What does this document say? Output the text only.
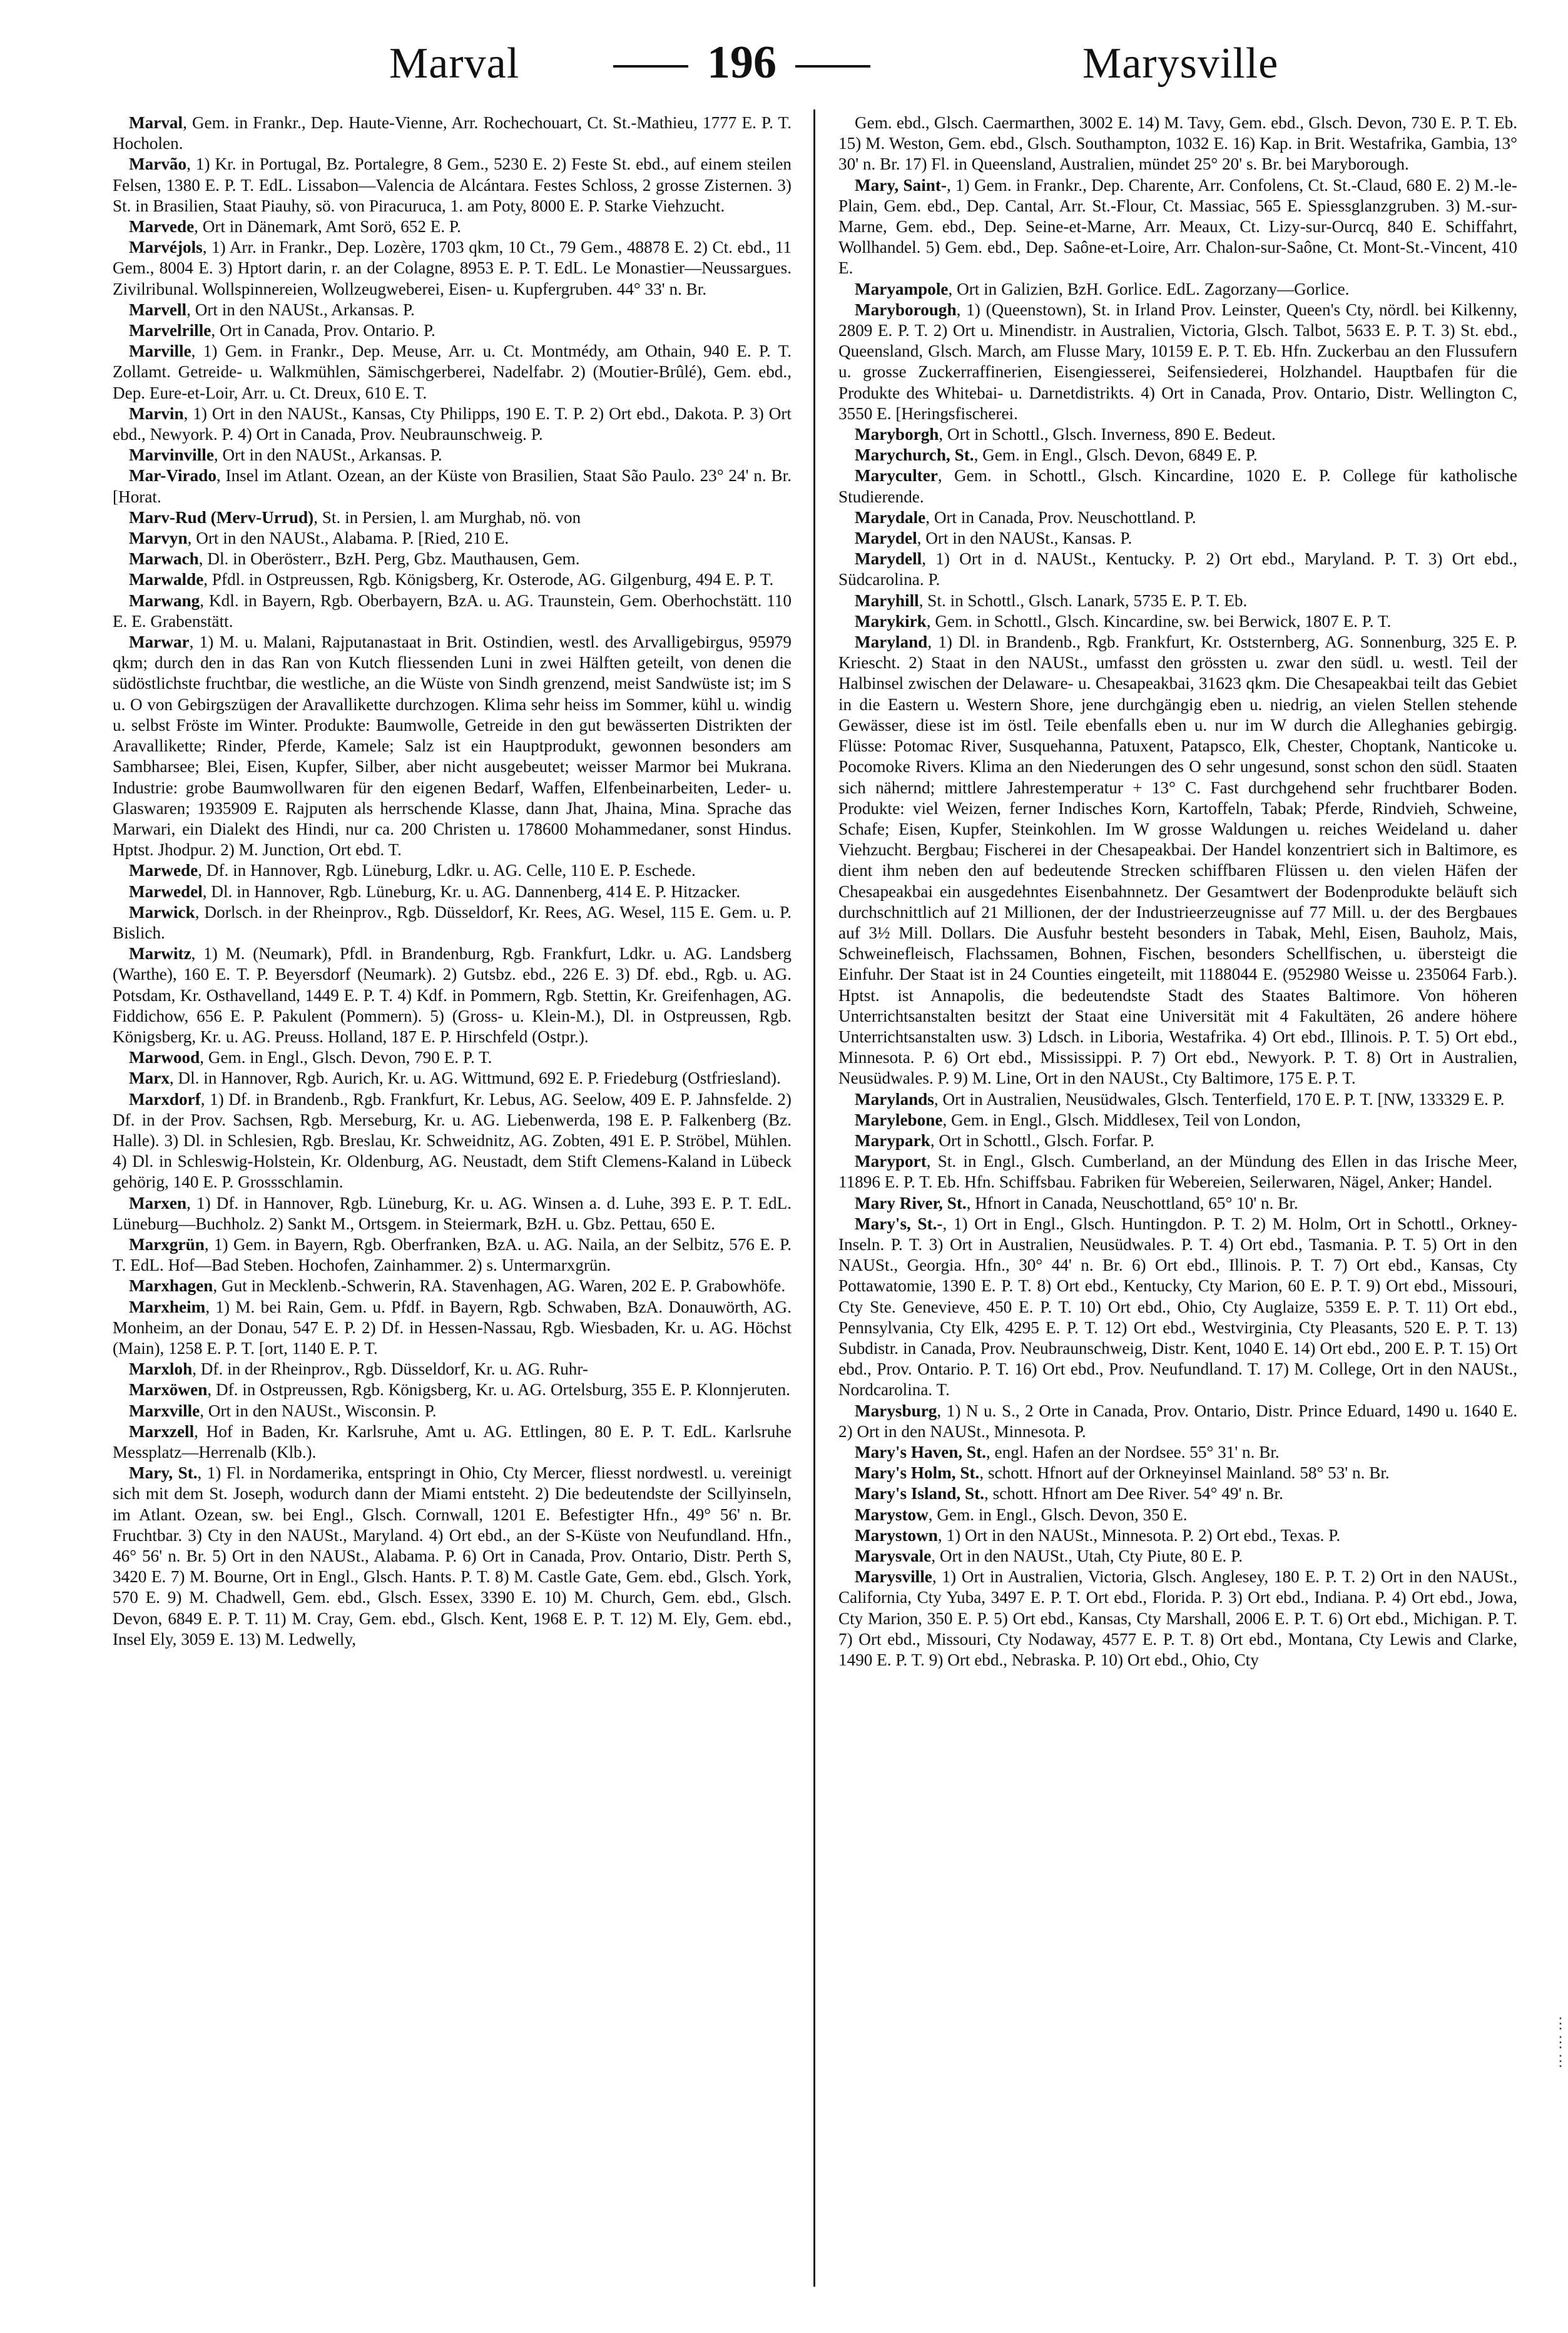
Marval	196	Marysville

Marval, Gem. in Frankr., Dep. Haute-Vienne, Arr. Rochechouart, Ct. St.-Mathieu, 1777 E. P. T. Hocholen.

Marvão, 1) Kr. in Portugal, Bz. Portalegre, 8 Gem., 5230 E. 2) Feste St. ebd., auf einem steilen Felsen, 1380 E. P. T. EdL. Lissabon—Valencia de Alcántara. Festes Schloss, 2 grosse Zisternen. 3) St. in Brasilien, Staat Piauhy, sö. von Piracuruca, 1. am Poty, 8000 E. P. Starke Viehzucht.

Marvede, Ort in Dänemark, Amt Sorö, 652 E. P.

Marvéjols, 1) Arr. in Frankr., Dep. Lozère, 1703 qkm, 10 Ct., 79 Gem., 48878 E. 2) Ct. ebd., 11 Gem., 8004 E. 3) Hptort darin, r. an der Colagne, 8953 E. P. T. EdL. Le Monastier—Neussargues. Zivilribunal. Wollspinnereien, Wollzeugweberei, Eisen- u. Kupfergruben. 44° 33' n. Br.

Marvell, Ort in den NAUSt., Arkansas. P.

Marvelrille, Ort in Canada, Prov. Ontario. P.

Marville, 1) Gem. in Frankr., Dep. Meuse, Arr. u. Ct. Montmédy, am Othain, 940 E. P. T. Zollamt. Getreide- u. Walkmühlen, Sämischgerberei, Nadelfabr. 2) (Moutier-Brûlé), Gem. ebd., Dep. Eure-et-Loir, Arr. u. Ct. Dreux, 610 E. T.

Marvin, 1) Ort in den NAUSt., Kansas, Cty Philipps, 190 E. T. P. 2) Ort ebd., Dakota. P. 3) Ort ebd., Newyork. P. 4) Ort in Canada, Prov. Neubraunschweig. P.

Marvinville, Ort in den NAUSt., Arkansas. P.

Mar-Virado, Insel im Atlant. Ozean, an der Küste von Brasilien, Staat São Paulo. 23° 24' n. Br. [Horat.

Marv-Rud (Merv-Urrud), St. in Persien, l. am Murghab, nö. von

Marvyn, Ort in den NAUSt., Alabama. P. [Ried, 210 E.

Marwach, Dl. in Oberösterr., BzH. Perg, Gbz. Mauthausen, Gem.

Marwalde, Pfdl. in Ostpreussen, Rgb. Königsberg, Kr. Osterode, AG. Gilgenburg, 494 E. P. T.

Marwang, Kdl. in Bayern, Rgb. Oberbayern, BzA. u. AG. Traunstein, Gem. Oberhochstätt. 110 E. E. Grabenstätt.

Marwar, 1) M. u. Malani, Rajputanastaat in Brit. Ostindien, westl. des Arvalligebirgus, 95979 qkm; durch den in das Ran von Kutch fliessenden Luni in zwei Hälften geteilt, von denen die südöstlichste fruchtbar, die westliche, an die Wüste von Sindh grenzend, meist Sandwüste ist; im S u. O von Gebirgszügen der Aravallikette durchzogen. Klima sehr heiss im Sommer, kühl u. windig u. selbst Fröste im Winter. Produkte: Baumwolle, Getreide in den gut bewässerten Distrikten der Aravallikette; Rinder, Pferde, Kamele; Salz ist ein Hauptprodukt, gewonnen besonders am Sambharsee; Blei, Eisen, Kupfer, Silber, aber nicht ausgebeutet; weisser Marmor bei Mukrana. Industrie: grobe Baumwollwaren für den eigenen Bedarf, Waffen, Elfenbeinarbeiten, Leder- u. Glaswaren; 1935909 E. Rajputen als herrschende Klasse, dann Jhat, Jhaina, Mina. Sprache das Marwari, ein Dialekt des Hindi, nur ca. 200 Christen u. 178600 Mohammedaner, sonst Hindus. Hptst. Jhodpur. 2) M. Junction, Ort ebd. T.

Marwede, Df. in Hannover, Rgb. Lüneburg, Ldkr. u. AG. Celle, 110 E. P. Eschede.

Marwedel, Dl. in Hannover, Rgb. Lüneburg, Kr. u. AG. Dannenberg, 414 E. P. Hitzacker.

Marwick, Dorlsch. in der Rheinprov., Rgb. Düsseldorf, Kr. Rees, AG. Wesel, 115 E. Gem. u. P. Bislich.

Marwitz, 1) M. (Neumark), Pfdl. in Brandenburg, Rgb. Frankfurt, Ldkr. u. AG. Landsberg (Warthe), 160 E. T. P. Beyersdorf (Neumark). 2) Gutsbz. ebd., 226 E. 3) Df. ebd., Rgb. u. AG. Potsdam, Kr. Osthavelland, 1449 E. P. T. 4) Kdf. in Pommern, Rgb. Stettin, Kr. Greifenhagen, AG. Fiddichow, 656 E. P. Pakulent (Pommern). 5) (Gross- u. Klein-M.), Dl. in Ostpreussen, Rgb. Königsberg, Kr. u. AG. Preuss. Holland, 187 E. P. Hirschfeld (Ostpr.).

Marwood, Gem. in Engl., Glsch. Devon, 790 E. P. T.

Marx, Dl. in Hannover, Rgb. Aurich, Kr. u. AG. Wittmund, 692 E. P. Friedeburg (Ostfriesland).

Marxdorf, 1) Df. in Brandenb., Rgb. Frankfurt, Kr. Lebus, AG. Seelow, 409 E. P. Jahnsfelde. 2) Df. in der Prov. Sachsen, Rgb. Merseburg, Kr. u. AG. Liebenwerda, 198 E. P. Falkenberg (Bz. Halle). 3) Dl. in Schlesien, Rgb. Breslau, Kr. Schweidnitz, AG. Zobten, 491 E. P. Ströbel, Mühlen. 4) Dl. in Schleswig-Holstein, Kr. Oldenburg, AG. Neustadt, dem Stift Clemens-Kaland in Lübeck gehörig, 140 E. P. Grossschlamin.

Marxen, 1) Df. in Hannover, Rgb. Lüneburg, Kr. u. AG. Winsen a. d. Luhe, 393 E. P. T. EdL. Lüneburg—Buchholz. 2) Sankt M., Ortsgem. in Steiermark, BzH. u. Gbz. Pettau, 650 E.

Marxgrün, 1) Gem. in Bayern, Rgb. Oberfranken, BzA. u. AG. Naila, an der Selbitz, 576 E. P. T. EdL. Hof—Bad Steben. Hochofen, Zainhammer. 2) s. Untermarxgrün.

Marxhagen, Gut in Mecklenb.-Schwerin, RA. Stavenhagen, AG. Waren, 202 E. P. Grabowhöfe.

Marxheim, 1) M. bei Rain, Gem. u. Pfdf. in Bayern, Rgb. Schwaben, BzA. Donauwörth, AG. Monheim, an der Donau, 547 E. P. 2) Df. in Hessen-Nassau, Rgb. Wiesbaden, Kr. u. AG. Höchst (Main), 1258 E. P. T. [ort, 1140 E. P. T.

Marxloh, Df. in der Rheinprov., Rgb. Düsseldorf, Kr. u. AG. Ruhr-

Marxöwen, Df. in Ostpreussen, Rgb. Königsberg, Kr. u. AG. Ortelsburg, 355 E. P. Klonnjeruten.

Marxville, Ort in den NAUSt., Wisconsin. P.

Marxzell, Hof in Baden, Kr. Karlsruhe, Amt u. AG. Ettlingen, 80 E. P. T. EdL. Karlsruhe Messplatz—Herrenalb (Klb.).

Mary, St., 1) Fl. in Nordamerika, entspringt in Ohio, Cty Mercer, fliesst nordwestl. u. vereinigt sich mit dem St. Joseph, wodurch dann der Miami entsteht. 2) Die bedeutendste der Scillyinseln, im Atlant. Ozean, sw. bei Engl., Glsch. Cornwall, 1201 E. Befestigter Hfn., 49° 56' n. Br. Fruchtbar. 3) Cty in den NAUSt., Maryland. 4) Ort ebd., an der S-Küste von Neufundland. Hfn., 46° 56' n. Br. 5) Ort in den NAUSt., Alabama. P. 6) Ort in Canada, Prov. Ontario, Distr. Perth S, 3420 E. 7) M. Bourne, Ort in Engl., Glsch. Hants. P. T. 8) M. Castle Gate, Gem. ebd., Glsch. York, 570 E. 9) M. Chadwell, Gem. ebd., Glsch. Essex, 3390 E. 10) M. Church, Gem. ebd., Glsch. Devon, 6849 E. P. T. 11) M. Cray, Gem. ebd., Glsch. Kent, 1968 E. P. T. 12) M. Ely, Gem. ebd., Insel Ely, 3059 E. 13) M. Ledwelly,

Gem. ebd., Glsch. Caermarthen, 3002 E. 14) M. Tavy, Gem. ebd., Glsch. Devon, 730 E. P. T. Eb. 15) M. Weston, Gem. ebd., Glsch. Southampton, 1032 E. 16) Kap. in Brit. Westafrika, Gambia, 13° 30' n. Br. 17) Fl. in Queensland, Australien, mündet 25° 20' s. Br. bei Maryborough.

Mary, Saint-, 1) Gem. in Frankr., Dep. Charente, Arr. Confolens, Ct. St.-Claud, 680 E. 2) M.-le-Plain, Gem. ebd., Dep. Cantal, Arr. St.-Flour, Ct. Massiac, 565 E. Spiessglanzgruben. 3) M.-sur-Marne, Gem. ebd., Dep. Seine-et-Marne, Arr. Meaux, Ct. Lizy-sur-Ourcq, 840 E. Schiffahrt, Wollhandel. 5) Gem. ebd., Dep. Saône-et-Loire, Arr. Chalon-sur-Saône, Ct. Mont-St.-Vincent, 410 E.

Maryampole, Ort in Galizien, BzH. Gorlice. EdL. Zagorzany—Gorlice.

Maryborough, 1) (Queenstown), St. in Irland Prov. Leinster, Queen's Cty, nördl. bei Kilkenny, 2809 E. P. T. 2) Ort u. Minendistr. in Australien, Victoria, Glsch. Talbot, 5633 E. P. T. 3) St. ebd., Queensland, Glsch. March, am Flusse Mary, 10159 E. P. T. Eb. Hfn. Zuckerbau an den Flussufern u. grosse Zuckerraffinerien, Eisengiesserei, Seifensiederei, Holzhandel. Hauptbafen für die Produkte des Whitebai- u. Darnetdistrikts. 4) Ort in Canada, Prov. Ontario, Distr. Wellington C, 3550 E. [Heringsfischerei.

Maryborgh, Ort in Schottl., Glsch. Inverness, 890 E. Bedeut.

Marychurch, St., Gem. in Engl., Glsch. Devon, 6849 E. P.

Maryculter, Gem. in Schottl., Glsch. Kincardine, 1020 E. P. College für katholische Studierende.

Marydale, Ort in Canada, Prov. Neuschottland. P.

Marydel, Ort in den NAUSt., Kansas. P.

Marydell, 1) Ort in d. NAUSt., Kentucky. P. 2) Ort ebd., Maryland. P. T. 3) Ort ebd., Südcarolina. P.

Maryhill, St. in Schottl., Glsch. Lanark, 5735 E. P. T. Eb.

Marykirk, Gem. in Schottl., Glsch. Kincardine, sw. bei Berwick, 1807 E. P. T.

Maryland, 1) Dl. in Brandenb., Rgb. Frankfurt, Kr. Oststernberg, AG. Sonnenburg, 325 E. P. Kriescht. 2) Staat in den NAUSt., umfasst den grössten u. zwar den südl. u. westl. Teil der Halbinsel zwischen der Delaware- u. Chesapeakbai, 31623 qkm. Die Chesapeakbai teilt das Gebiet in die Eastern u. Western Shore, jene durchgängig eben u. niedrig, an vielen Stellen stehende Gewässer, diese ist im östl. Teile ebenfalls eben u. nur im W durch die Alleghanies gebirgig. Flüsse: Potomac River, Susquehanna, Patuxent, Patapsco, Elk, Chester, Choptank, Nanticoke u. Pocomoke Rivers. Klima an den Niederungen des O sehr ungesund, sonst schon den südl. Staaten sich nähernd; mittlere Jahrestemperatur + 13° C. Fast durchgehend sehr fruchtbarer Boden. Produkte: viel Weizen, ferner Indisches Korn, Kartoffeln, Tabak; Pferde, Rindvieh, Schweine, Schafe; Eisen, Kupfer, Steinkohlen. Im W grosse Waldungen u. reiches Weideland u. daher Viehzucht. Bergbau; Fischerei in der Chesapeakbai. Der Handel konzentriert sich in Baltimore, es dient ihm neben den auf bedeutende Strecken schiffbaren Flüssen u. den vielen Häfen der Chesapeakbai ein ausgedehntes Eisenbahnnetz. Der Gesamtwert der Bodenprodukte beläuft sich durchschnittlich auf 21 Millionen, der der Industrieerzeugnisse auf 77 Mill. u. der des Bergbaues auf 3½ Mill. Dollars. Die Ausfuhr besteht besonders in Tabak, Mehl, Eisen, Bauholz, Mais, Schweinefleisch, Flachssamen, Bohnen, Fischen, besonders Schellfischen, u. übersteigt die Einfuhr. Der Staat ist in 24 Counties eingeteilt, mit 1188044 E. (952980 Weisse u. 235064 Farb.). Hptst. ist Annapolis, die bedeutendste Stadt des Staates Baltimore. Von höheren Unterrichtsanstalten besitzt der Staat eine Universität mit 4 Fakultäten, 26 andere höhere Unterrichtsanstalten usw. 3) Ldsch. in Liboria, Westafrika. 4) Ort ebd., Illinois. P. T. 5) Ort ebd., Minnesota. P. 6) Ort ebd., Mississippi. P. 7) Ort ebd., Newyork. P. T. 8) Ort in Australien, Neusüdwales. P. 9) M. Line, Ort in den NAUSt., Cty Baltimore, 175 E. P. T.

Marylands, Ort in Australien, Neusüdwales, Glsch. Tenterfield, 170 E. P. T. [NW, 133329 E. P.

Marylebone, Gem. in Engl., Glsch. Middlesex, Teil von London,

Marypark, Ort in Schottl., Glsch. Forfar. P.

Maryport, St. in Engl., Glsch. Cumberland, an der Mündung des Ellen in das Irische Meer, 11896 E. P. T. Eb. Hfn. Schiffsbau. Fabriken für Webereien, Seilerwaren, Nägel, Anker; Handel.

Mary River, St., Hfnort in Canada, Neuschottland, 65° 10' n. Br.

Mary's, St.-, 1) Ort in Engl., Glsch. Huntingdon. P. T. 2) M. Holm, Ort in Schottl., Orkney-Inseln. P. T. 3) Ort in Australien, Neusüdwales. P. T. 4) Ort ebd., Tasmania. P. T. 5) Ort in den NAUSt., Georgia. Hfn., 30° 44' n. Br. 6) Ort ebd., Illinois. P. T. 7) Ort ebd., Kansas, Cty Pottawatomie, 1390 E. P. T. 8) Ort ebd., Kentucky, Cty Marion, 60 E. P. T. 9) Ort ebd., Missouri, Cty Ste. Genevieve, 450 E. P. T. 10) Ort ebd., Ohio, Cty Auglaize, 5359 E. P. T. 11) Ort ebd., Pennsylvania, Cty Elk, 4295 E. P. T. 12) Ort ebd., Westvirginia, Cty Pleasants, 520 E. P. T. 13) Subdistr. in Canada, Prov. Neubraunschweig, Distr. Kent, 1040 E. 14) Ort ebd., 200 E. P. T. 15) Ort ebd., Prov. Ontario. P. T. 16) Ort ebd., Prov. Neufundland. T. 17) M. College, Ort in den NAUSt., Nordcarolina. T.

Marysburg, 1) N u. S., 2 Orte in Canada, Prov. Ontario, Distr. Prince Eduard, 1490 u. 1640 E. 2) Ort in den NAUSt., Minnesota. P.

Mary's Haven, St., engl. Hafen an der Nordsee. 55° 31' n. Br.

Mary's Holm, St., schott. Hfnort auf der Orkneyinsel Mainland. 58° 53' n. Br.

Mary's Island, St., schott. Hfnort am Dee River. 54° 49' n. Br.

Marystow, Gem. in Engl., Glsch. Devon, 350 E.

Marystown, 1) Ort in den NAUSt., Minnesota. P. 2) Ort ebd., Texas. P.

Marysvale, Ort in den NAUSt., Utah, Cty Piute, 80 E. P.

Marysville, 1) Ort in Australien, Victoria, Glsch. Anglesey, 180 E. P. T. 2) Ort in den NAUSt., California, Cty Yuba, 3497 E. P. T. Ort ebd., Florida. P. 3) Ort ebd., Indiana. P. 4) Ort ebd., Jowa, Cty Marion, 350 E. P. 5) Ort ebd., Kansas, Cty Marshall, 2006 E. P. T. 6) Ort ebd., Michigan. P. T. 7) Ort ebd., Missouri, Cty Nodaway, 4577 E. P. T. 8) Ort ebd., Montana, Cty Lewis and Clarke, 1490 E. P. T. 9) Ort ebd., Nebraska. P. 10) Ort ebd., Ohio, Cty

⋮ ⋮ ⋮
